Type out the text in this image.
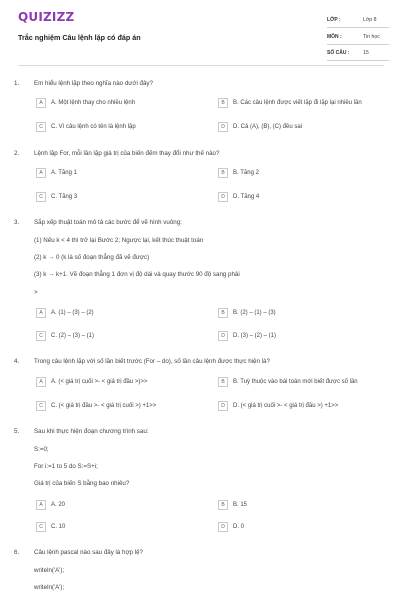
QUIZIZZ
Trắc nghiệm Câu lệnh lặp có đáp án
LỚP :	Lớp 8
MÔN :	Tin học
SỐ CÂU :	15
1. Em hiểu lệnh lặp theo nghĩa nào dưới đây?
A	A. Một lệnh thay cho nhiều lệnh	B	B. Các câu lệnh được viết lặp đi lặp lại nhiều lần
C	C. Vì câu lệnh có tên là lệnh lặp	D	D. Cả (A), (B), (C) đều sai
2. Lệnh lặp For, mỗi lần lặp giá trị của biến đếm thay đổi như thế nào?
A	A. Tăng 1	B	B. Tăng 2
C	C. Tăng 3	D	D. Tăng 4
3. Sắp xếp thuật toán mô tả các bước để vẽ hình vuông:
(1) Nếu k < 4 thì trở lại Bước 2; Ngược lại, kết thúc thuật toán
(2) k → 0 (k là số đoạn thẳng đã vẽ được)
(3) k → k+1. Vẽ đoạn thẳng 1 đơn vị độ dài và quay thước 90 độ sang phải
>
A	A. (1) – (3) – (2)	B	B. (2) – (1) – (3)
C	C. (2) – (3) – (1)	D	D. (3) – (2) – (1)
4. Trong câu lệnh lặp với số lần biết trước (For – do), số lần câu lệnh được thực hiện là?
A	A. (< giá trị cuối >- < giá trị đầu >)>>	B	B. Tuỳ thuộc vào bài toán mới biết được số lần
C	C. (< giá trị đầu >- < giá trị cuối >) +1>>	D	D. (< giá trị cuối >- < giá trị đầu >) +1>>
5. Sau khi thực hiện đoạn chương trình sau:
S:=0;
For i:=1 to 5 do S:=S+i;
Giá trị của biến S bằng bao nhiêu?
A	A. 20	B	B. 15
C	C. 10	D	D. 0
6. Câu lệnh pascal nào sau đây là hợp lệ?
writeln('A');
writeln('A');
